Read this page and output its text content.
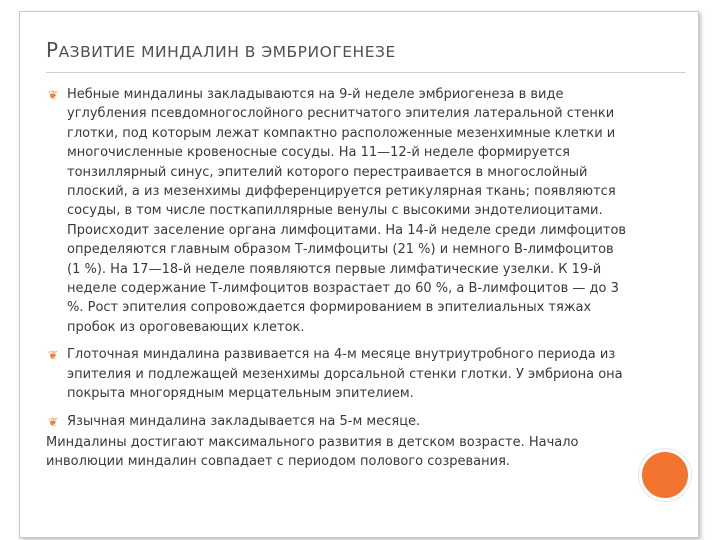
РАЗВИТИЕ МИНДАЛИН В ЭМБРИОГЕНЕЗЕ
❦ Небные миндалины закладываются на 9-й неделе эмбриогенеза в виде углубления псевдомногослойного реснитчатого эпителия латеральной стенки глотки, под которым лежат компактно расположенные мезенхимные клетки и многочисленные кровеносные сосуды. На 11—12-й неделе формируется тонзиллярный синус, эпителий которого перестраивается в многослойный плоский, а из мезенхимы дифференцируется ретикулярная ткань; появляются сосуды, в том числе посткапиллярные венулы с высокими эндотелиоцитами. Происходит заселение органа лимфоцитами. На 14-й неделе среди лимфоцитов определяются главным образом Т-лимфоциты (21 %) и немного В-лимфоцитов (1 %). На 17—18-й неделе появляются первые лимфатические узелки. К 19-й неделе содержание Т-лимфоцитов возрастает до 60 %, а В-лимфоцитов — до 3 %. Рост эпителия сопровождается формированием в эпителиальных тяжах пробок из ороговевающих клеток.
❦ Глоточная миндалина развивается на 4-м месяце внутриутробного периода из эпителия и подлежащей мезенхимы дорсальной стенки глотки. У эмбриона она покрыта многорядным мерцательным эпителием.
❦ Язычная миндалина закладывается на 5-м месяце.
Миндалины достигают максимального развития в детском возрасте. Начало инволюции миндалин совпадает с периодом полового созревания.
